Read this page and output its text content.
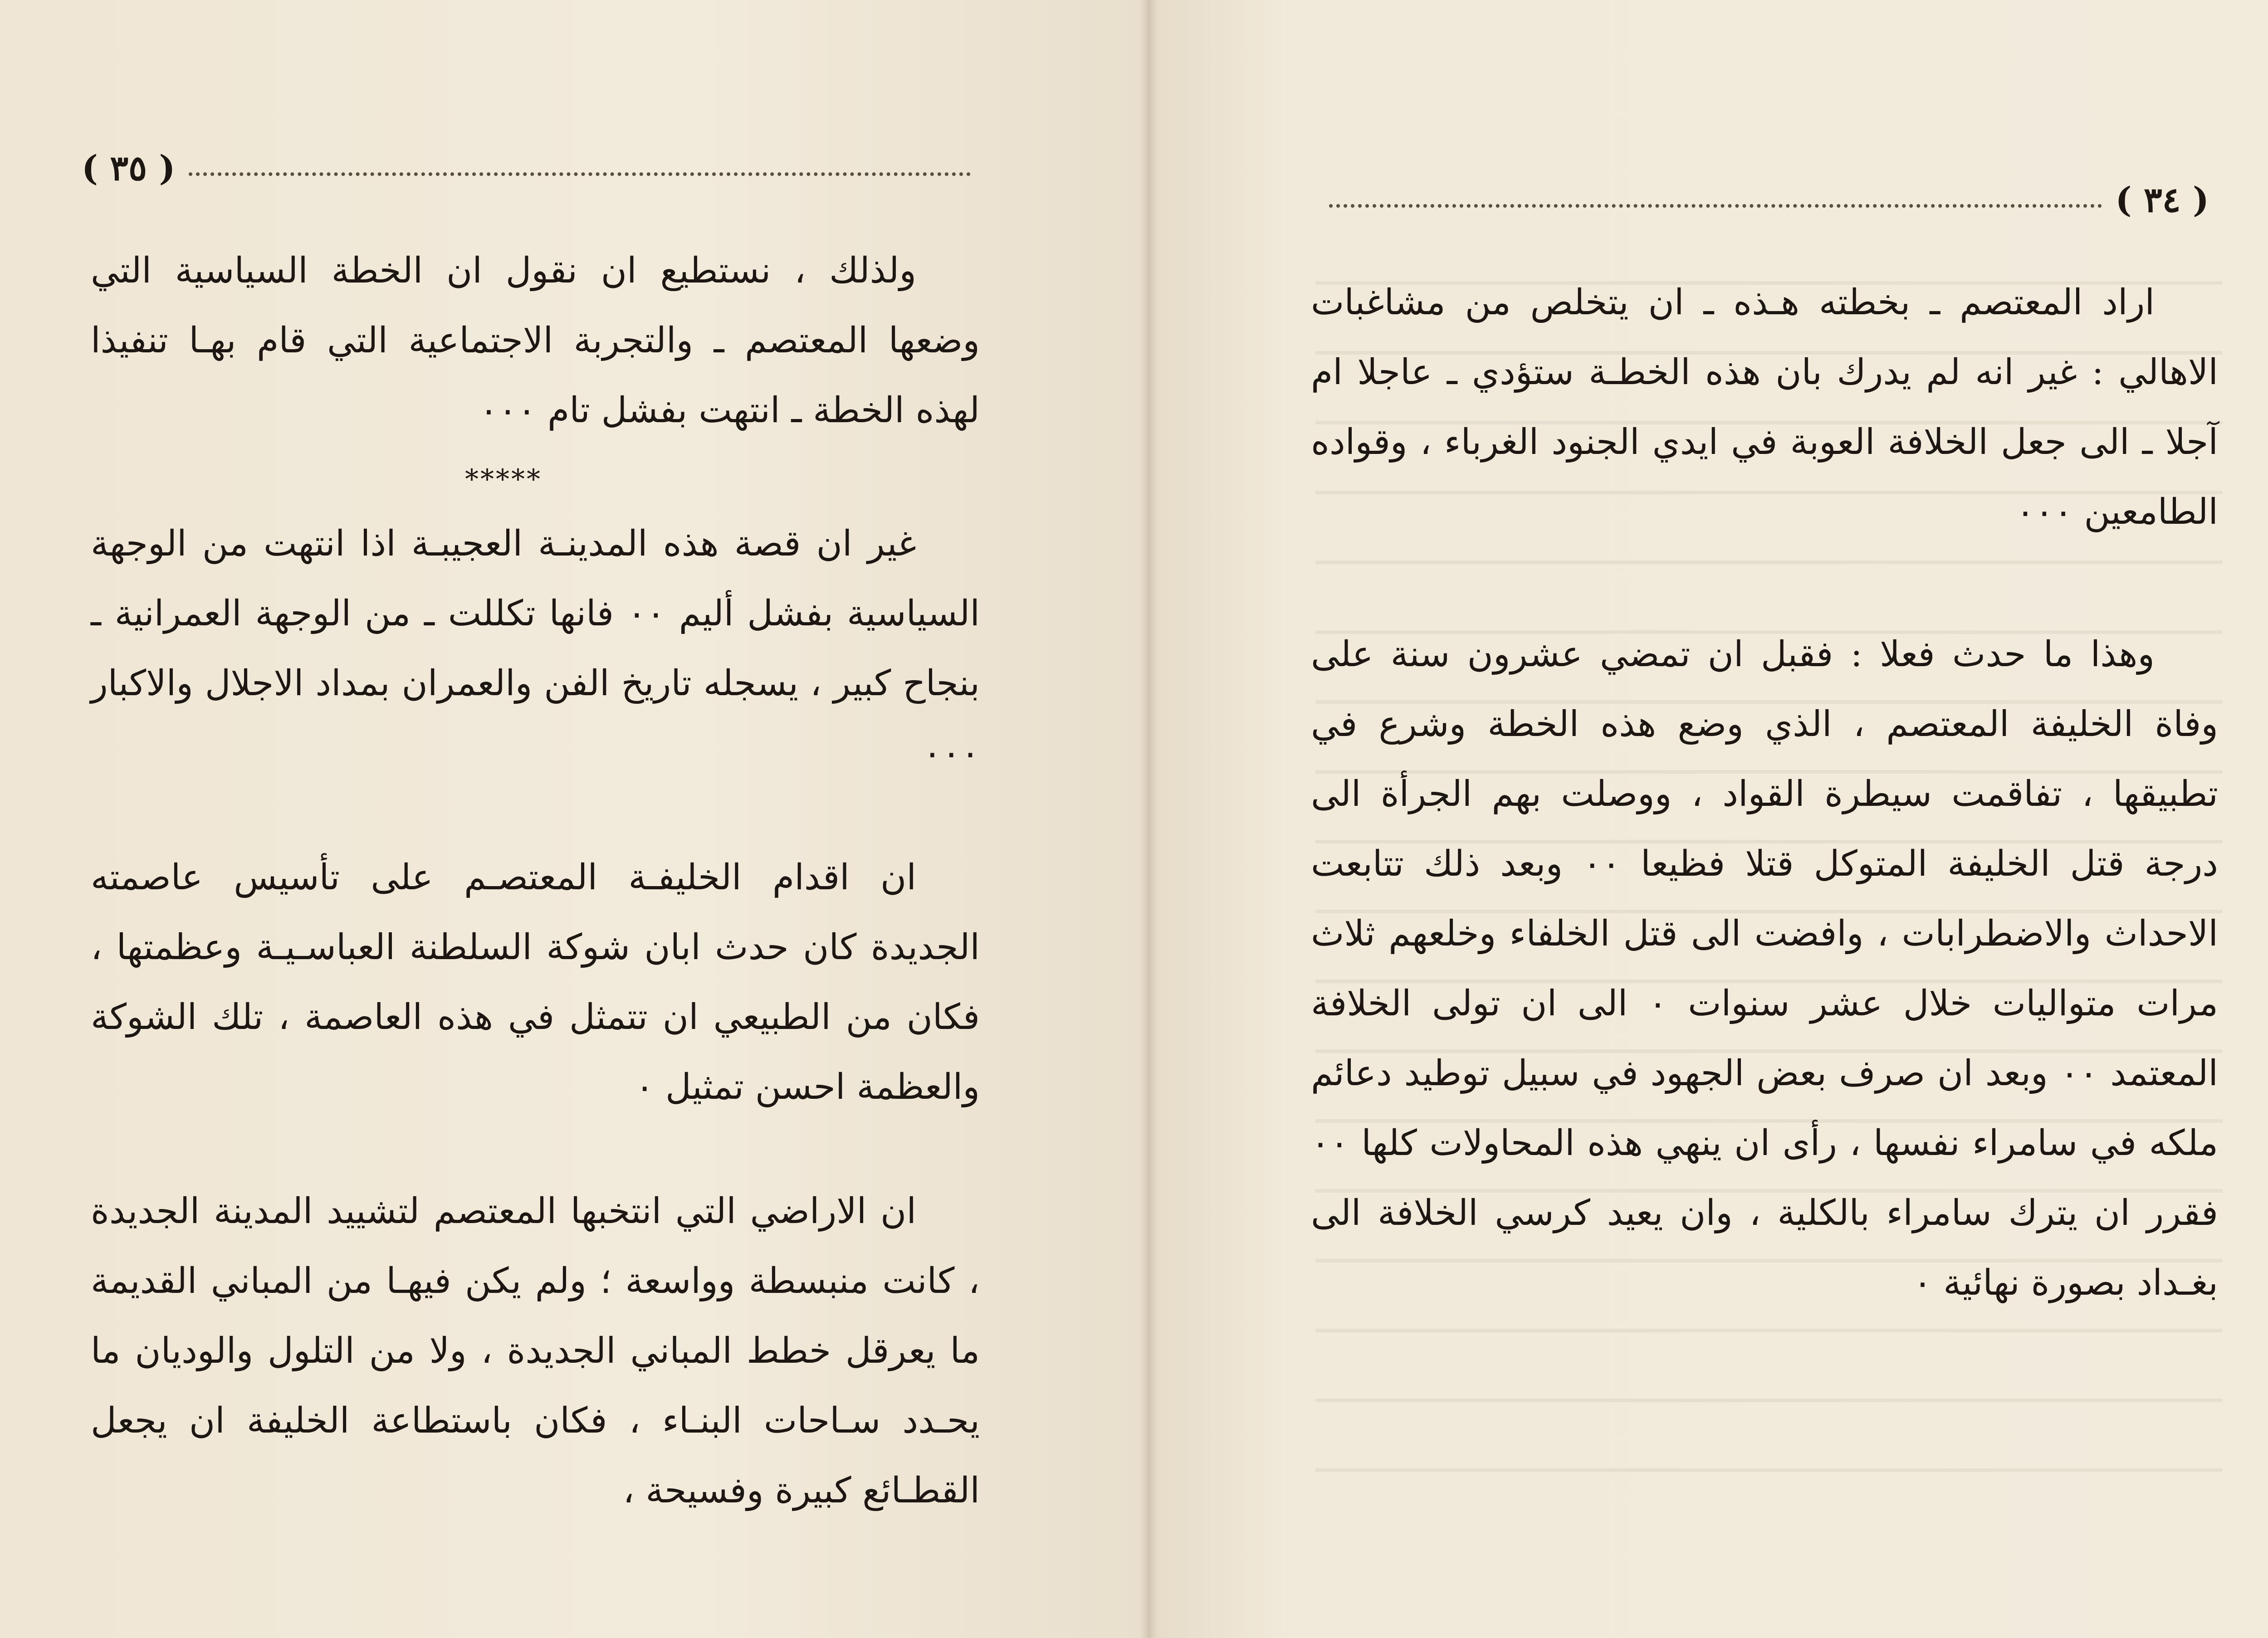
( ٣٥ )

ولذلك ، نستطيع ان نقول ان الخطة السياسية التي وضعها المعتصم ـ والتجربة الاجتماعية التي قام بهـا تنفيذا لهذه الخطة ـ انتهت بفشل تام ٠٠٠

*****

غير ان قصة هذه المدينـة العجيبـة اذا انتهت من الوجهة السياسية بفشل أليم ٠٠ فانها تكللت ـ من الوجهة العمرانية ـ بنجاح كبير ، يسجله تاريخ الفن والعمران بمداد الاجلال والاكبار ٠٠٠

ان اقدام الخليفـة المعتصـم على تأسيس عاصمته الجديدة كان حدث ابان شوكة السلطنة العباسـيـة وعظمتها ، فكان من الطبيعي ان تتمثل في هذه العاصمة ، تلك الشوكة والعظمة احسن تمثيل ٠

ان الاراضي التي انتخبها المعتصم لتشييد المدينة الجديدة ، كانت منبسطة وواسعة ؛ ولم يكن فيهـا من المباني القديمة ما يعرقل خطط المباني الجديدة ، ولا من التلول والوديان ما يحـدد سـاحات البنـاء ، فكان باستطاعة الخليفة ان يجعل القطـائع كبيرة وفسيحة ،

( ٣٤ )

اراد المعتصم ـ بخطته هـذه ـ ان يتخلص من مشاغبات الاهالي : غير انه لم يدرك بان هذه الخطـة ستؤدي ـ عاجلا ام آجلا ـ الى جعل الخلافة العوبة في ايدي الجنود الغرباء ، وقواده الطامعين ٠٠٠

وهذا ما حدث فعلا : فقبل ان تمضي عشرون سنة على وفاة الخليفة المعتصم ، الذي وضع هذه الخطة وشرع في تطبيقها ، تفاقمت سيطرة القواد ، ووصلت بهم الجرأة الى درجة قتل الخليفة المتوكل قتلا فظيعا ٠٠ وبعد ذلك تتابعت الاحداث والاضطرابات ، وافضت الى قتل الخلفاء وخلعهم ثلاث مرات متواليات خلال عشر سنوات ٠ الى ان تولى الخلافة المعتمد ٠٠ وبعد ان صرف بعض الجهود في سبيل توطيد دعائم ملكه في سامراء نفسها ، رأى ان ينهي هذه المحاولات كلها ٠٠ فقرر ان يترك سامراء بالكلية ، وان يعيد كرسي الخلافة الى بغـداد بصورة نهائية ٠
